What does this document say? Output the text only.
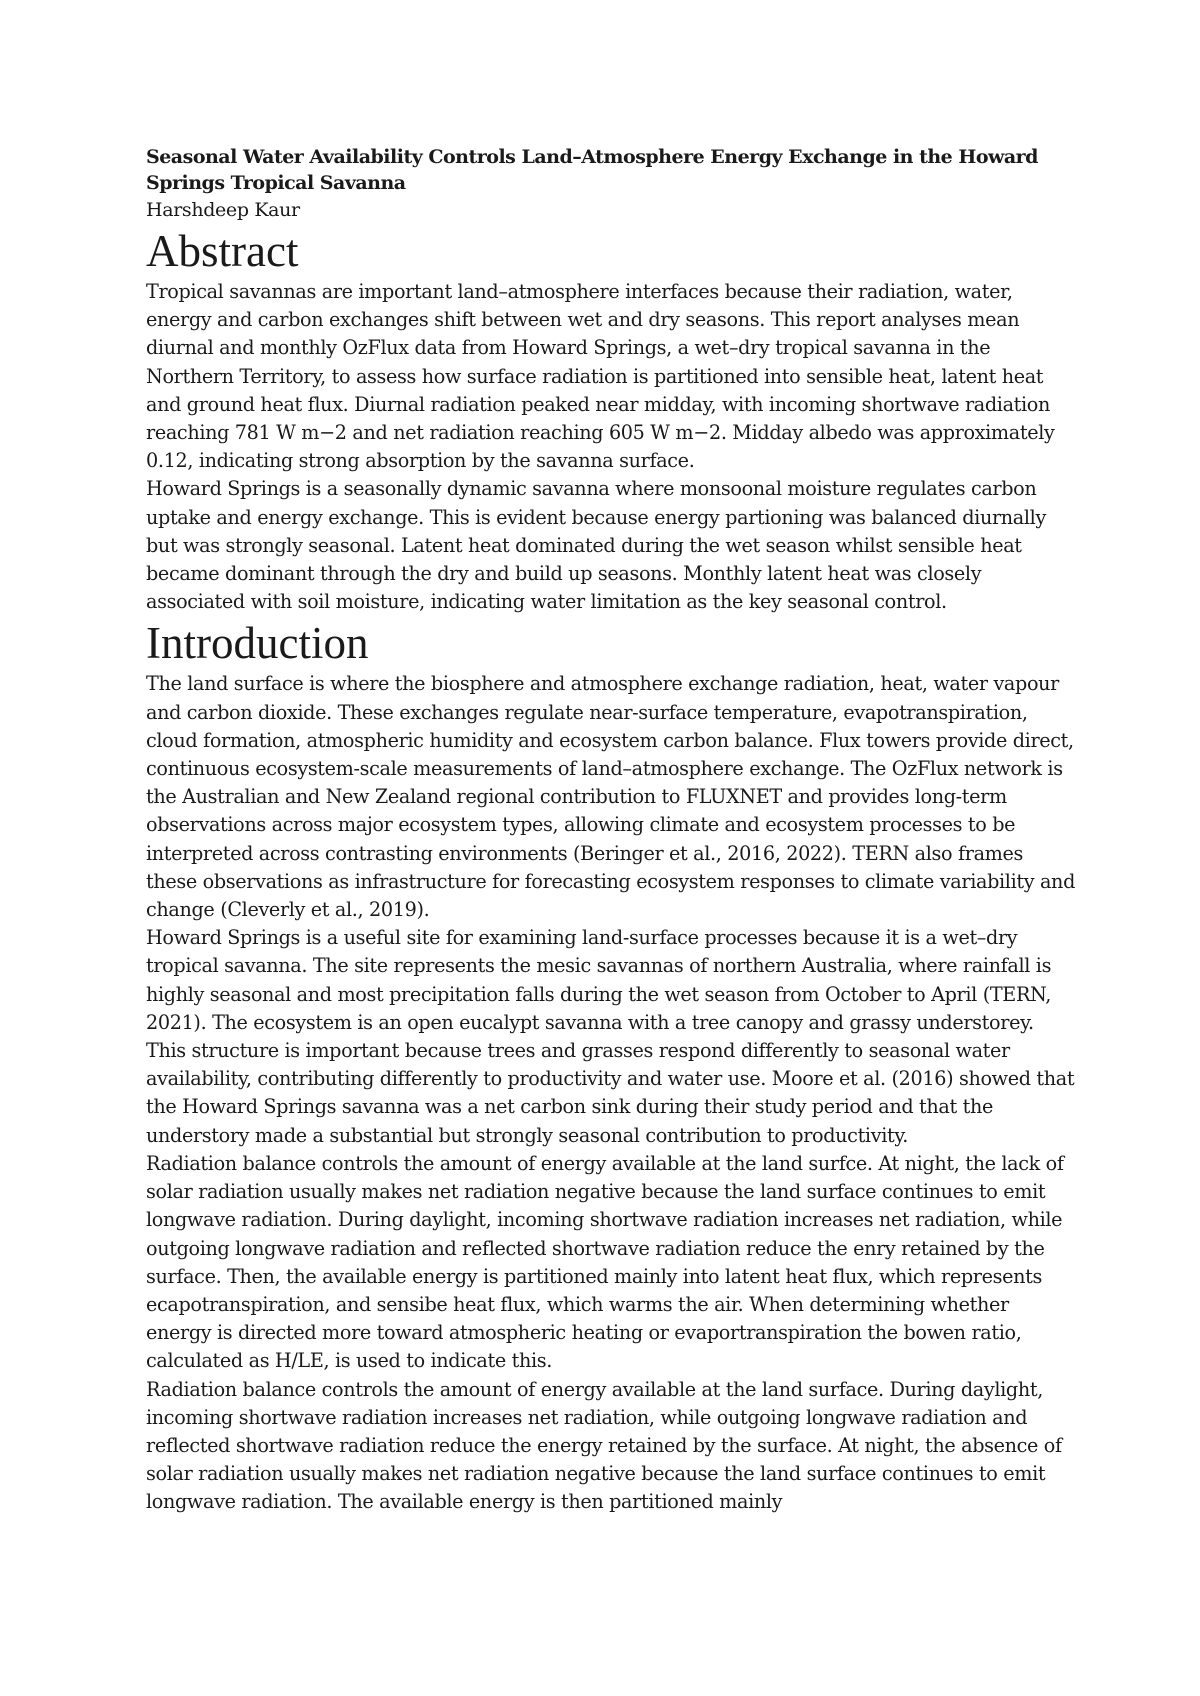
Seasonal Water Availability Controls Land–Atmosphere Energy Exchange in the Howard Springs Tropical Savanna

Harshdeep Kaur

Abstract

Tropical savannas are important land–atmosphere interfaces because their radiation, water, energy and carbon exchanges shift between wet and dry seasons. This report analyses mean diurnal and monthly OzFlux data from Howard Springs, a wet–dry tropical savanna in the Northern Territory, to assess how surface radiation is partitioned into sensible heat, latent heat and ground heat flux. Diurnal radiation peaked near midday, with incoming shortwave radiation reaching 781 W m−2 and net radiation reaching 605 W m−2. Midday albedo was approximately 0.12, indicating strong absorption by the savanna surface.

Howard Springs is a seasonally dynamic savanna where monsoonal moisture regulates carbon uptake and energy exchange. This is evident because energy partioning was balanced diurnally but was strongly seasonal. Latent heat dominated during the wet season whilst sensible heat became dominant through the dry and build up seasons. Monthly latent heat was closely associated with soil moisture, indicating water limitation as the key seasonal control.

Introduction

The land surface is where the biosphere and atmosphere exchange radiation, heat, water vapour and carbon dioxide. These exchanges regulate near-surface temperature, evapotranspiration, cloud formation, atmospheric humidity and ecosystem carbon balance. Flux towers provide direct, continuous ecosystem-scale measurements of land–atmosphere exchange. The OzFlux network is the Australian and New Zealand regional contribution to FLUXNET and provides long-term observations across major ecosystem types, allowing climate and ecosystem processes to be interpreted across contrasting environments (Beringer et al., 2016, 2022). TERN also frames these observations as infrastructure for forecasting ecosystem responses to climate variability and change (Cleverly et al., 2019).

Howard Springs is a useful site for examining land-surface processes because it is a wet–dry tropical savanna. The site represents the mesic savannas of northern Australia, where rainfall is highly seasonal and most precipitation falls during the wet season from October to April (TERN, 2021). The ecosystem is an open eucalypt savanna with a tree canopy and grassy understorey. This structure is important because trees and grasses respond differently to seasonal water availability, contributing differently to productivity and water use. Moore et al. (2016) showed that the Howard Springs savanna was a net carbon sink during their study period and that the understory made a substantial but strongly seasonal contribution to productivity.

Radiation balance controls the amount of energy available at the land surfce. At night, the lack of solar radiation usually makes net radiation negative because the land surface continues to emit longwave radiation. During daylight, incoming shortwave radiation increases net radiation, while outgoing longwave radiation and reflected shortwave radiation reduce the enry retained by the surface. Then, the available energy is partitioned mainly into latent heat flux, which represents ecapotranspiration, and sensibe heat flux, which warms the air. When determining whether energy is directed more toward atmospheric heating or evaportranspiration the bowen ratio, calculated as H/LE, is used to indicate this.

Radiation balance controls the amount of energy available at the land surface. During daylight, incoming shortwave radiation increases net radiation, while outgoing longwave radiation and reflected shortwave radiation reduce the energy retained by the surface. At night, the absence of solar radiation usually makes net radiation negative because the land surface continues to emit longwave radiation. The available energy is then partitioned mainly
